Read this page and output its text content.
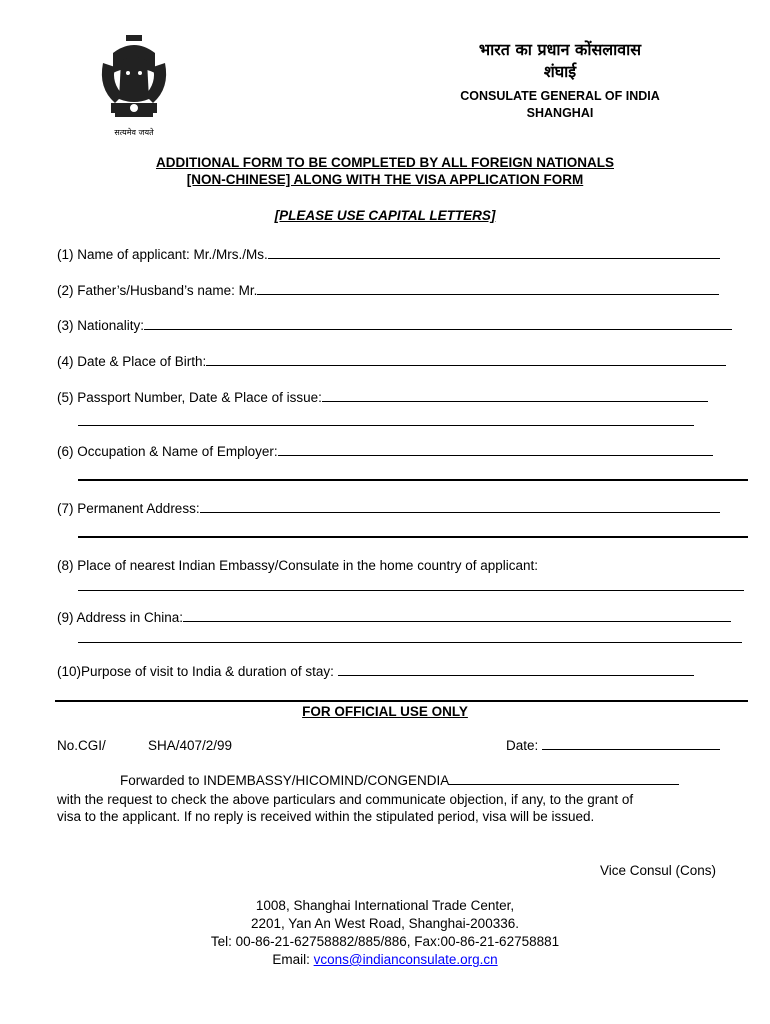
सत्यमेव जयते
भारत का प्रधान कोंसलावास
शंघाई
CONSULATE GENERAL OF INDIA
SHANGHAI
ADDITIONAL FORM TO BE COMPLETED BY ALL FOREIGN NATIONALS
[NON-CHINESE] ALONG WITH THE VISA APPLICATION FORM
[PLEASE USE CAPITAL LETTERS]
(1) Name of applicant: Mr./Mrs./Ms.
(2) Father’s/Husband’s name: Mr.
(3) Nationality:
(4) Date & Place of Birth:
(5) Passport Number, Date & Place of issue:
(6) Occupation & Name of Employer:
(7) Permanent Address:
(8) Place of nearest Indian Embassy/Consulate in the home country of applicant:
(9) Address in China:
(10)Purpose of visit to India & duration of stay:
FOR OFFICIAL USE ONLY
No.CGI/	SHA/407/2/99	Date:
Forwarded to INDEMBASSY/HICOMIND/CONGENDIA
with the request to check the above particulars and communicate objection, if any, to the grant of
visa to the applicant. If no reply is received within the stipulated period, visa will be issued.
Vice Consul (Cons)
1008, Shanghai International Trade Center,
2201, Yan An West Road, Shanghai-200336.
Tel: 00-86-21-62758882/885/886, Fax:00-86-21-62758881
Email: vcons@indianconsulate.org.cn
